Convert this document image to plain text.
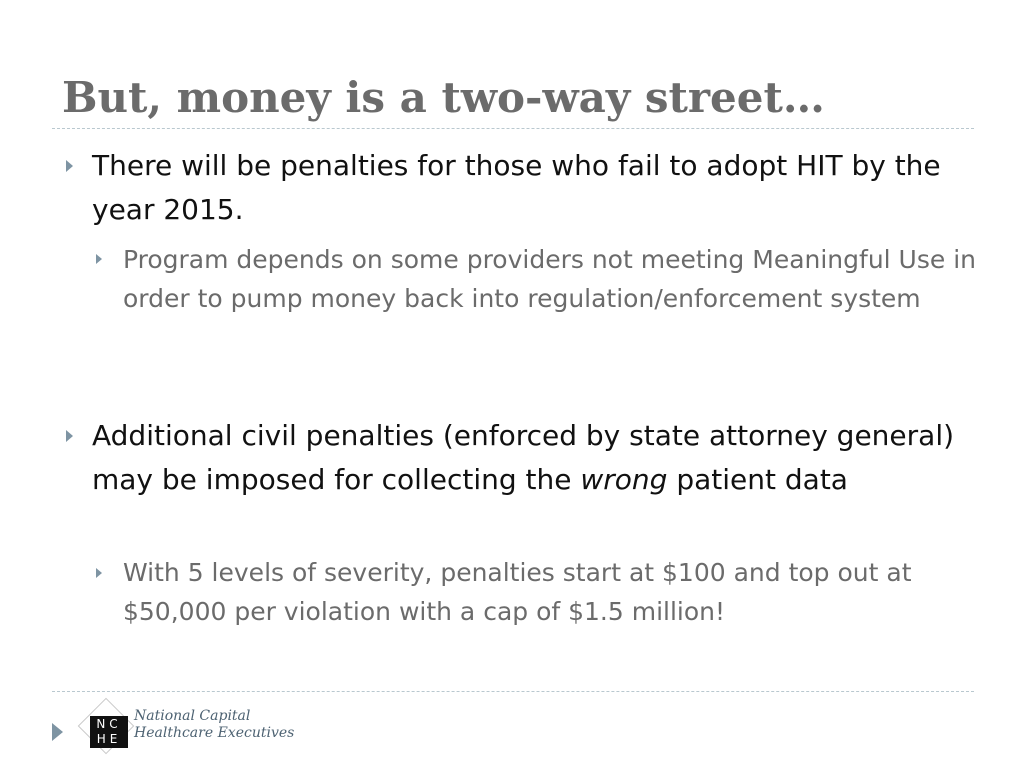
But, money is a two-way street…
There will be penalties for those who fail to adopt HIT by the year 2015.
Program depends on some providers not meeting Meaningful Use in order to pump money back into regulation/enforcement system
Additional civil penalties (enforced by state attorney general) may be imposed for collecting the wrong patient data
With 5 levels of severity, penalties start at $100 and top out at $50,000 per violation with a cap of $1.5 million!
NC
HE
National Capital
Healthcare Executives
